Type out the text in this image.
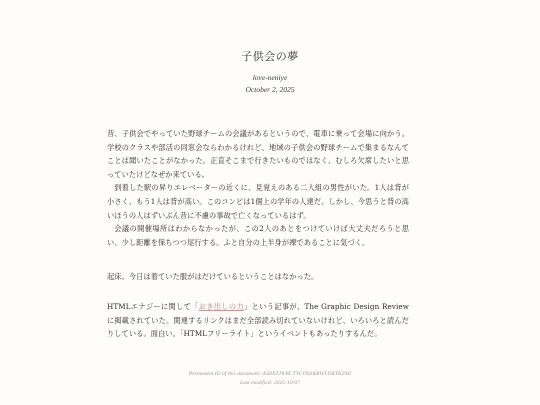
子供会の夢
love-neniye
October 2, 2025

昔、子供会でやっていた野球チームの会議があるというので、電車に乗って会場に向かう。学校のクラスや部活の同窓会ならわかるけれど、地域の子供会の野球チームで集まるなんてことは聞いたことがなかった。正直そこまで行きたいものではなく、むしろ欠席したいと思っていたけどなぜか来ている。

到着した駅の昇りエレベーターの近くに、見覚えのある二人組の男性がいた。1人は背が小さく、もう1人は背が高い。このコンビは1個上の学年の人達だ。しかし、今思うと背の高いほうの人はずいぶん昔に不慮の事故で亡くなっているはず。

会議の開催場所はわからなかったが、この2人のあとをつけていけば大丈夫だろうと思い、少し距離を保ちつつ尾行する。ふと自分の上半身が裸であることに気づく。

起床。今日は着ていた服がはだけているということはなかった。

HTMLエナジーに関して「おき出しの力」という記事が、The Graphic Design Review に掲載されていた。関連するリンクはまだ全部読み切れていないけれど、いろいろと読んだりしている。面白い。「HTMLフリーライト」というイベントもあったりするんだ。

Permanent ID of this document: 45HXTJWRCTYCOSSKBWYDRTK29D
Last modified: 2025-10-07
